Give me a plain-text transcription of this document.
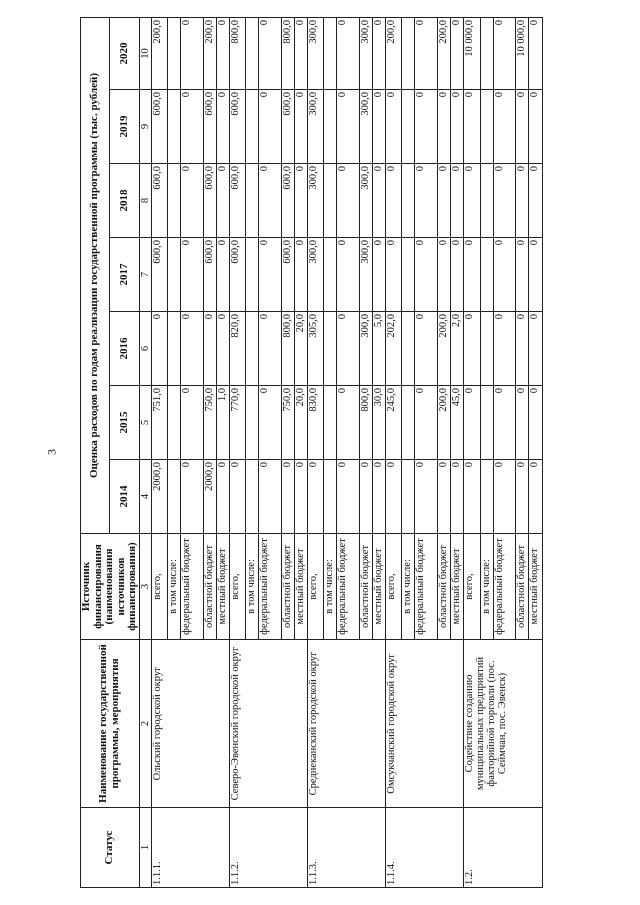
3
Статус	Наименование государственной программы, мероприятия	Источник финансирования (наименования источников финансирования)	Оценка расходов по годам реализации государственной программы (тыс. рублей)						
			2014	2015	2016	2017	2018	2019	2020
1	2	3	4	5	6	7	8	9	10
1.1.1.	Ольский городской округ	всего,	2000,0	751,0	0	600,0	600,0	600,0	200,0
		в том числе:							
		федеральный бюджет	0	0	0	0	0	0	0
		областной бюджет	2000,0	750,0	0	600,0	600,0	600,0	200,0
		местный бюджет	0	1,0	0	0	0	0	0
1.1.2.	Северо-Эвенский городской округ	всего,	0	770,0	820,0	600,0	600,0	600,0	800,0
		в том числе:							
		федеральный бюджет	0	0	0	0	0	0	0
		областной бюджет	0	750,0	800,0	600,0	600,0	600,0	800,0
		местный бюджет	0	20,0	20,0	0	0	0	0
1.1.3.	Среднеканский городской округ	всего,	0	830,0	305,0	300,0	300,0	300,0	300,0
		в том числе:							
		федеральный бюджет	0	0	0	0	0	0	0
		областной бюджет	0	800,0	300,0	300,0	300,0	300,0	300,0
		местный бюджет	0	30,0	5,0	0	0	0	0
1.1.4.	Омсукчанский городской округ	всего,	0	245,0	202,0	0	0	0	200,0
		в том числе:							
		федеральный бюджет	0	0	0	0	0	0	0
		областной бюджет	0	200,0	200,0	0	0	0	200,0
		местный бюджет	0	45,0	2,0	0	0	0	0
1.2.	Содействие созданию муниципальных предприятий факторийной торговли (пос. Сеймчан, пос. Эвенск)	всего,	0	0	0	0	0	0	10 000,0
		в том числе:							
		федеральный бюджет	0	0	0	0	0	0	0
		областной бюджет	0	0	0	0	0	0	10 000,0
		местный бюджет	0	0	0	0	0	0	0
